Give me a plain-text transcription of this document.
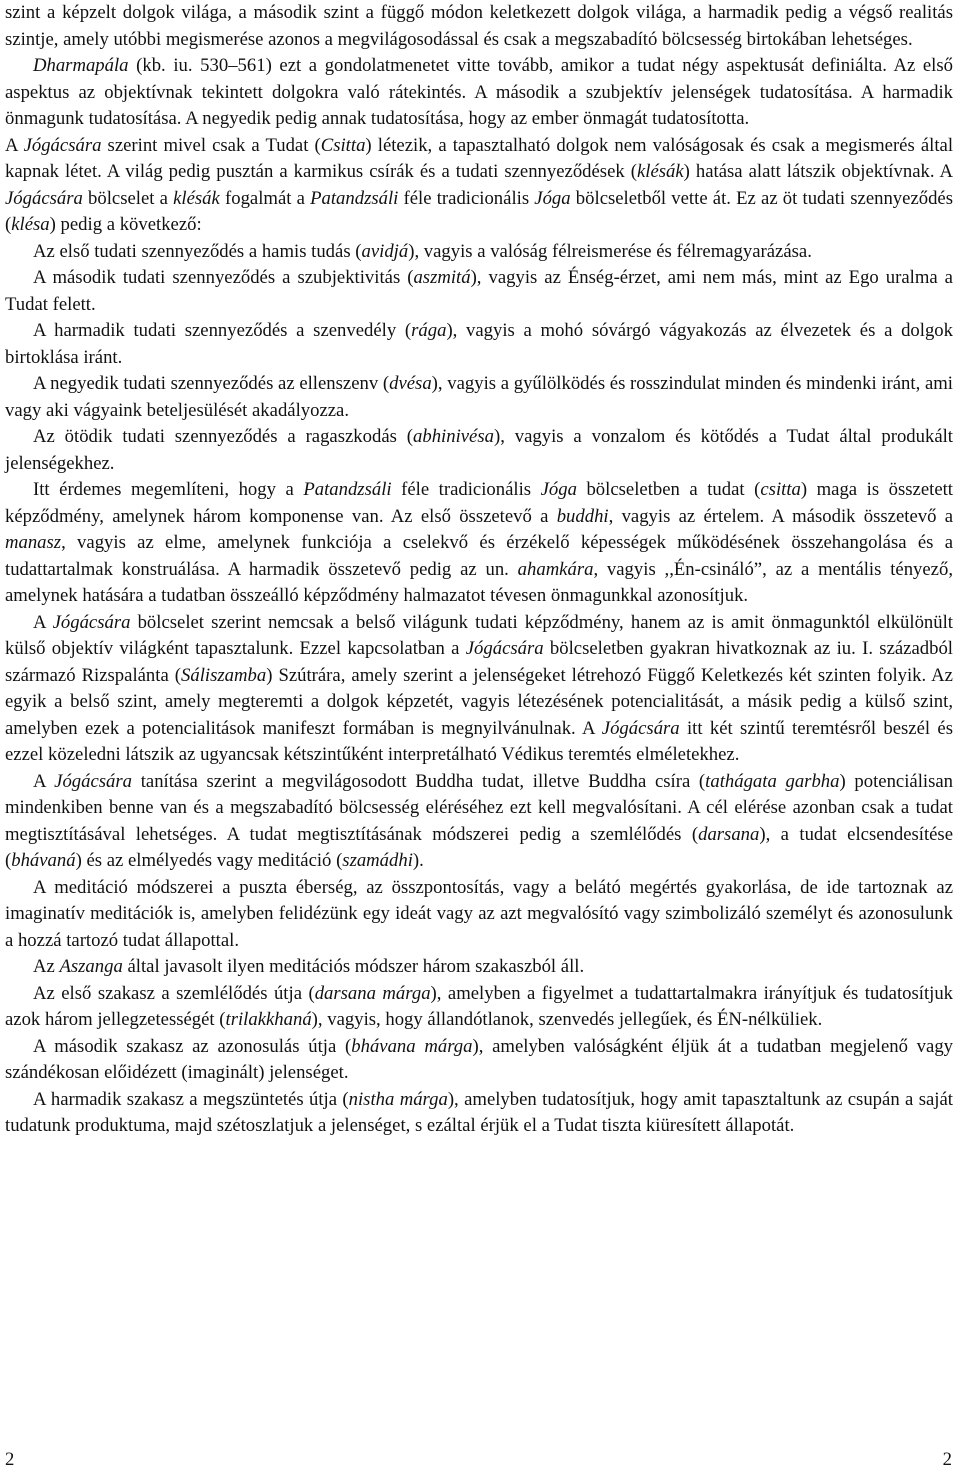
szint a képzelt dolgok világa, a második szint a függő módon keletkezett dolgok világa, a harmadik pedig a végső realitás szintje, amely utóbbi megismerése azonos a megvilágosodással és csak a megszabadító bölcsesség birtokában lehetséges.

Dharmapála (kb. iu. 530–561) ezt a gondolatmenetet vitte tovább, amikor a tudat négy aspektusát definiálta. Az első aspektus az objektívnak tekintett dolgokra való rátekintés. A második a szubjektív jelenségek tudatosítása. A harmadik önmagunk tudatosítása. A negyedik pedig annak tudatosítása, hogy az ember önmagát tudatosította.

A Jógácsára szerint mivel csak a Tudat (Csitta) létezik, a tapasztalható dolgok nem valóságosak és csak a megismerés által kapnak létet. A világ pedig pusztán a karmikus csírák és a tudati szennyeződések (klésák) hatása alatt látszik objektívnak. A Jógácsára bölcselet a klésák fogalmát a Patandzsáli féle tradicionális Jóga bölcseletből vette át. Ez az öt tudati szennyeződés (klésa) pedig a következő:

Az első tudati szennyeződés a hamis tudás (avidjá), vagyis a valóság félreismerése és félremagyarázása.

A második tudati szennyeződés a szubjektivitás (aszmitá), vagyis az Énség-érzet, ami nem más, mint az Ego uralma a Tudat felett.

A harmadik tudati szennyeződés a szenvedély (rága), vagyis a mohó sóvárgó vágyakozás az élvezetek és a dolgok birtoklása iránt.

A negyedik tudati szennyeződés az ellenszenv (dvésa), vagyis a gyűlölködés és rosszindulat minden és mindenki iránt, ami vagy aki vágyaink beteljesülését akadályozza.

Az ötödik tudati szennyeződés a ragaszkodás (abhinivésa), vagyis a vonzalom és kötődés a Tudat által produkált jelenségekhez.

Itt érdemes megemlíteni, hogy a Patandzsáli féle tradicionális Jóga bölcseletben a tudat (csitta) maga is összetett képződmény, amelynek három komponense van. Az első összetevő a buddhi, vagyis az értelem. A második összetevő a manasz, vagyis az elme, amelynek funkciója a cselekvő és érzékelő képességek működésének összehangolása és a tudattartalmak konstruálása. A harmadik összetevő pedig az un. ahamkára, vagyis ,,Én-csináló”, az a mentális tényező, amelynek hatására a tudatban összeálló képződmény halmazatot tévesen önmagunkkal azonosítjuk.

A Jógácsára bölcselet szerint nemcsak a belső világunk tudati képződmény, hanem az is amit önmagunktól elkülönült külső objektív világként tapasztalunk. Ezzel kapcsolatban a Jógácsára bölcseletben gyakran hivatkoznak az iu. I. századból származó Rizspalánta (Sáliszamba) Szútrára, amely szerint a jelenségeket létrehozó Függő Keletkezés két szinten folyik. Az egyik a belső szint, amely megteremti a dolgok képzetét, vagyis létezésének potencialitását, a másik pedig a külső szint, amelyben ezek a potencialitások manifeszt formában is megnyilvánulnak. A Jógácsára itt két szintű teremtésről beszél és ezzel közeledni látszik az ugyancsak kétszintűként interpretálható Védikus teremtés elméletekhez.

A Jógácsára tanítása szerint a megvilágosodott Buddha tudat, illetve Buddha csíra (tathágata garbha) potenciálisan mindenkiben benne van és a megszabadító bölcsesség eléréséhez ezt kell megvalósítani. A cél elérése azonban csak a tudat megtisztításával lehetséges. A tudat megtisztításának módszerei pedig a szemlélődés (darsana), a tudat elcsendesítése (bhávaná) és az elmélyedés vagy meditáció (szamádhi).

A meditáció módszerei a puszta éberség, az összpontosítás, vagy a belátó megértés gyakorlása, de ide tartoznak az imaginatív meditációk is, amelyben felidézünk egy ideát vagy az azt megvalósító vagy szimbolizáló személyt és azonosulunk a hozzá tartozó tudat állapottal.

Az Aszanga által javasolt ilyen meditációs módszer három szakaszból áll.

Az első szakasz a szemlélődés útja (darsana márga), amelyben a figyelmet a tudattartalmakra irányítjuk és tudatosítjuk azok három jellegzetességét (trilakkhaná), vagyis, hogy állandótlanok, szenvedés jellegűek, és ÉN-nélküliek.

A második szakasz az azonosulás útja (bhávana márga), amelyben valóságként éljük át a tudatban megjelenő vagy szándékosan előidézett (imaginált) jelenséget.

A harmadik szakasz a megszüntetés útja (nistha márga), amelyben tudatosítjuk, hogy amit tapasztaltunk az csupán a saját tudatunk produktuma, majd szétoszlatjuk a jelenséget, s ezáltal érjük el a Tudat tiszta kiüresített állapotát.

2	2
